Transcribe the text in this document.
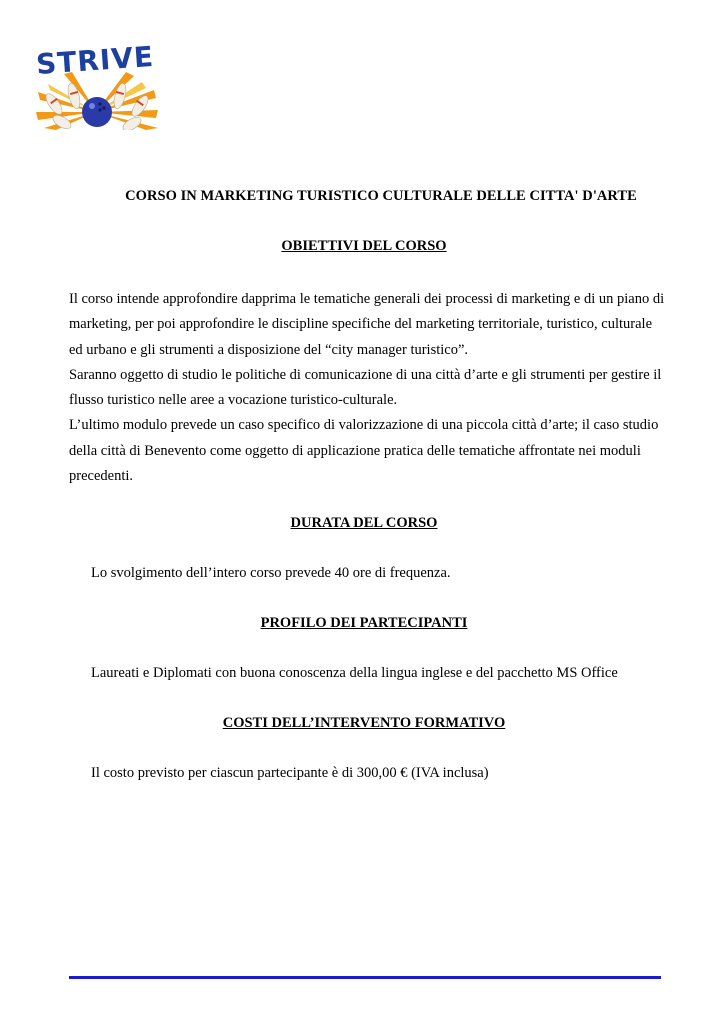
STRIVE
CORSO IN MARKETING TURISTICO CULTURALE DELLE CITTA' D'ARTE
OBIETTIVI DEL CORSO

Il corso intende approfondire dapprima le tematiche generali dei processi di marketing e di un piano di marketing, per poi approfondire le discipline specifiche del marketing territoriale, turistico, culturale ed urbano e gli strumenti a disposizione del “city manager turistico”.

Saranno oggetto di studio le politiche di comunicazione di una città d’arte e gli strumenti per gestire il flusso turistico nelle aree a vocazione turistico-culturale.

L’ultimo modulo prevede un caso specifico di valorizzazione di una piccola città d’arte; il caso studio della città di Benevento come oggetto di applicazione pratica delle tematiche affrontate nei moduli precedenti.

DURATA DEL CORSO

Lo svolgimento dell’intero corso prevede 40 ore di frequenza.

PROFILO DEI PARTECIPANTI

Laureati e Diplomati con buona conoscenza della lingua inglese e del pacchetto MS Office

COSTI DELL’INTERVENTO FORMATIVO

Il costo previsto per ciascun partecipante è di 300,00 € (IVA inclusa)
